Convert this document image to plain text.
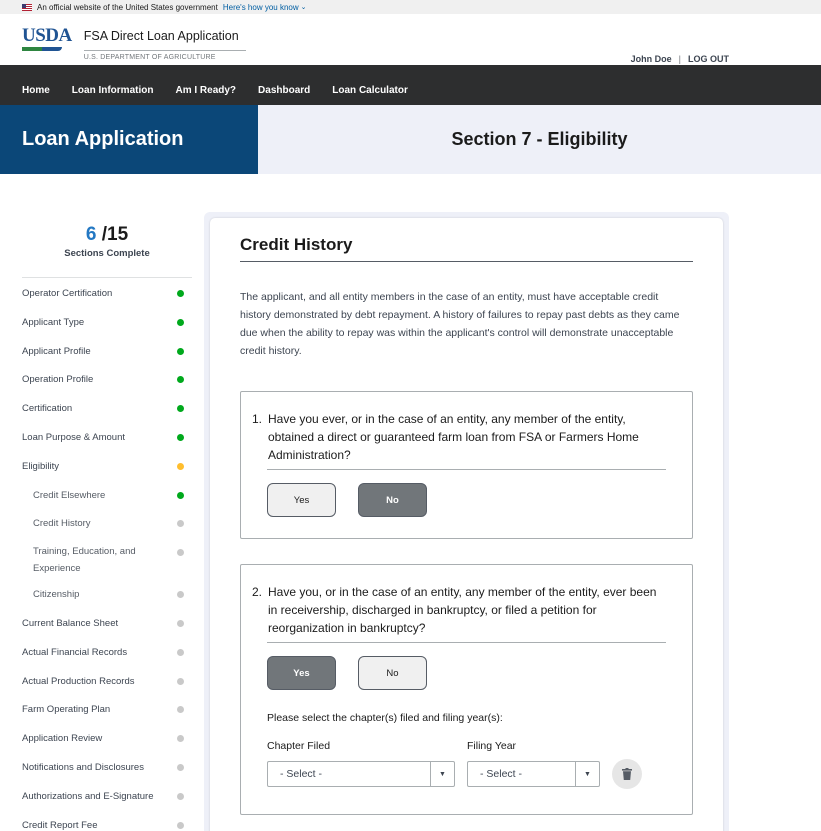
An official website of the United States government Here's how you know ⌄
USDA FSA Direct Loan Application
U.S. DEPARTMENT OF AGRICULTURE	John Doe | LOG OUT
Home Loan Information Am I Ready? Dashboard Loan Calculator
Loan Application	Section 7 - Eligibility
6 /15
Sections Complete
Operator Certification
Applicant Type
Applicant Profile
Operation Profile
Certification
Loan Purpose & Amount
Eligibility
Credit Elsewhere
Credit History
Training, Education, and Experience
Citizenship
Current Balance Sheet
Actual Financial Records
Actual Production Records
Farm Operating Plan
Application Review
Notifications and Disclosures
Authorizations and E-Signature
Credit Report Fee
Credit History
The applicant, and all entity members in the case of an entity, must have acceptable credit history demonstrated by debt repayment. A history of failures to repay past debts as they came due when the ability to repay was within the applicant's control will demonstrate unacceptable credit history.
1. Have you ever, or in the case of an entity, any member of the entity, obtained a direct or guaranteed farm loan from FSA or Farmers Home Administration?
Yes	No
2. Have you, or in the case of an entity, any member of the entity, ever been in receivership, discharged in bankruptcy, or filed a petition for reorganization in bankruptcy?
Yes	No
Please select the chapter(s) filed and filing year(s):
Chapter Filed	Filing Year
- Select -	▼	- Select -	▼
